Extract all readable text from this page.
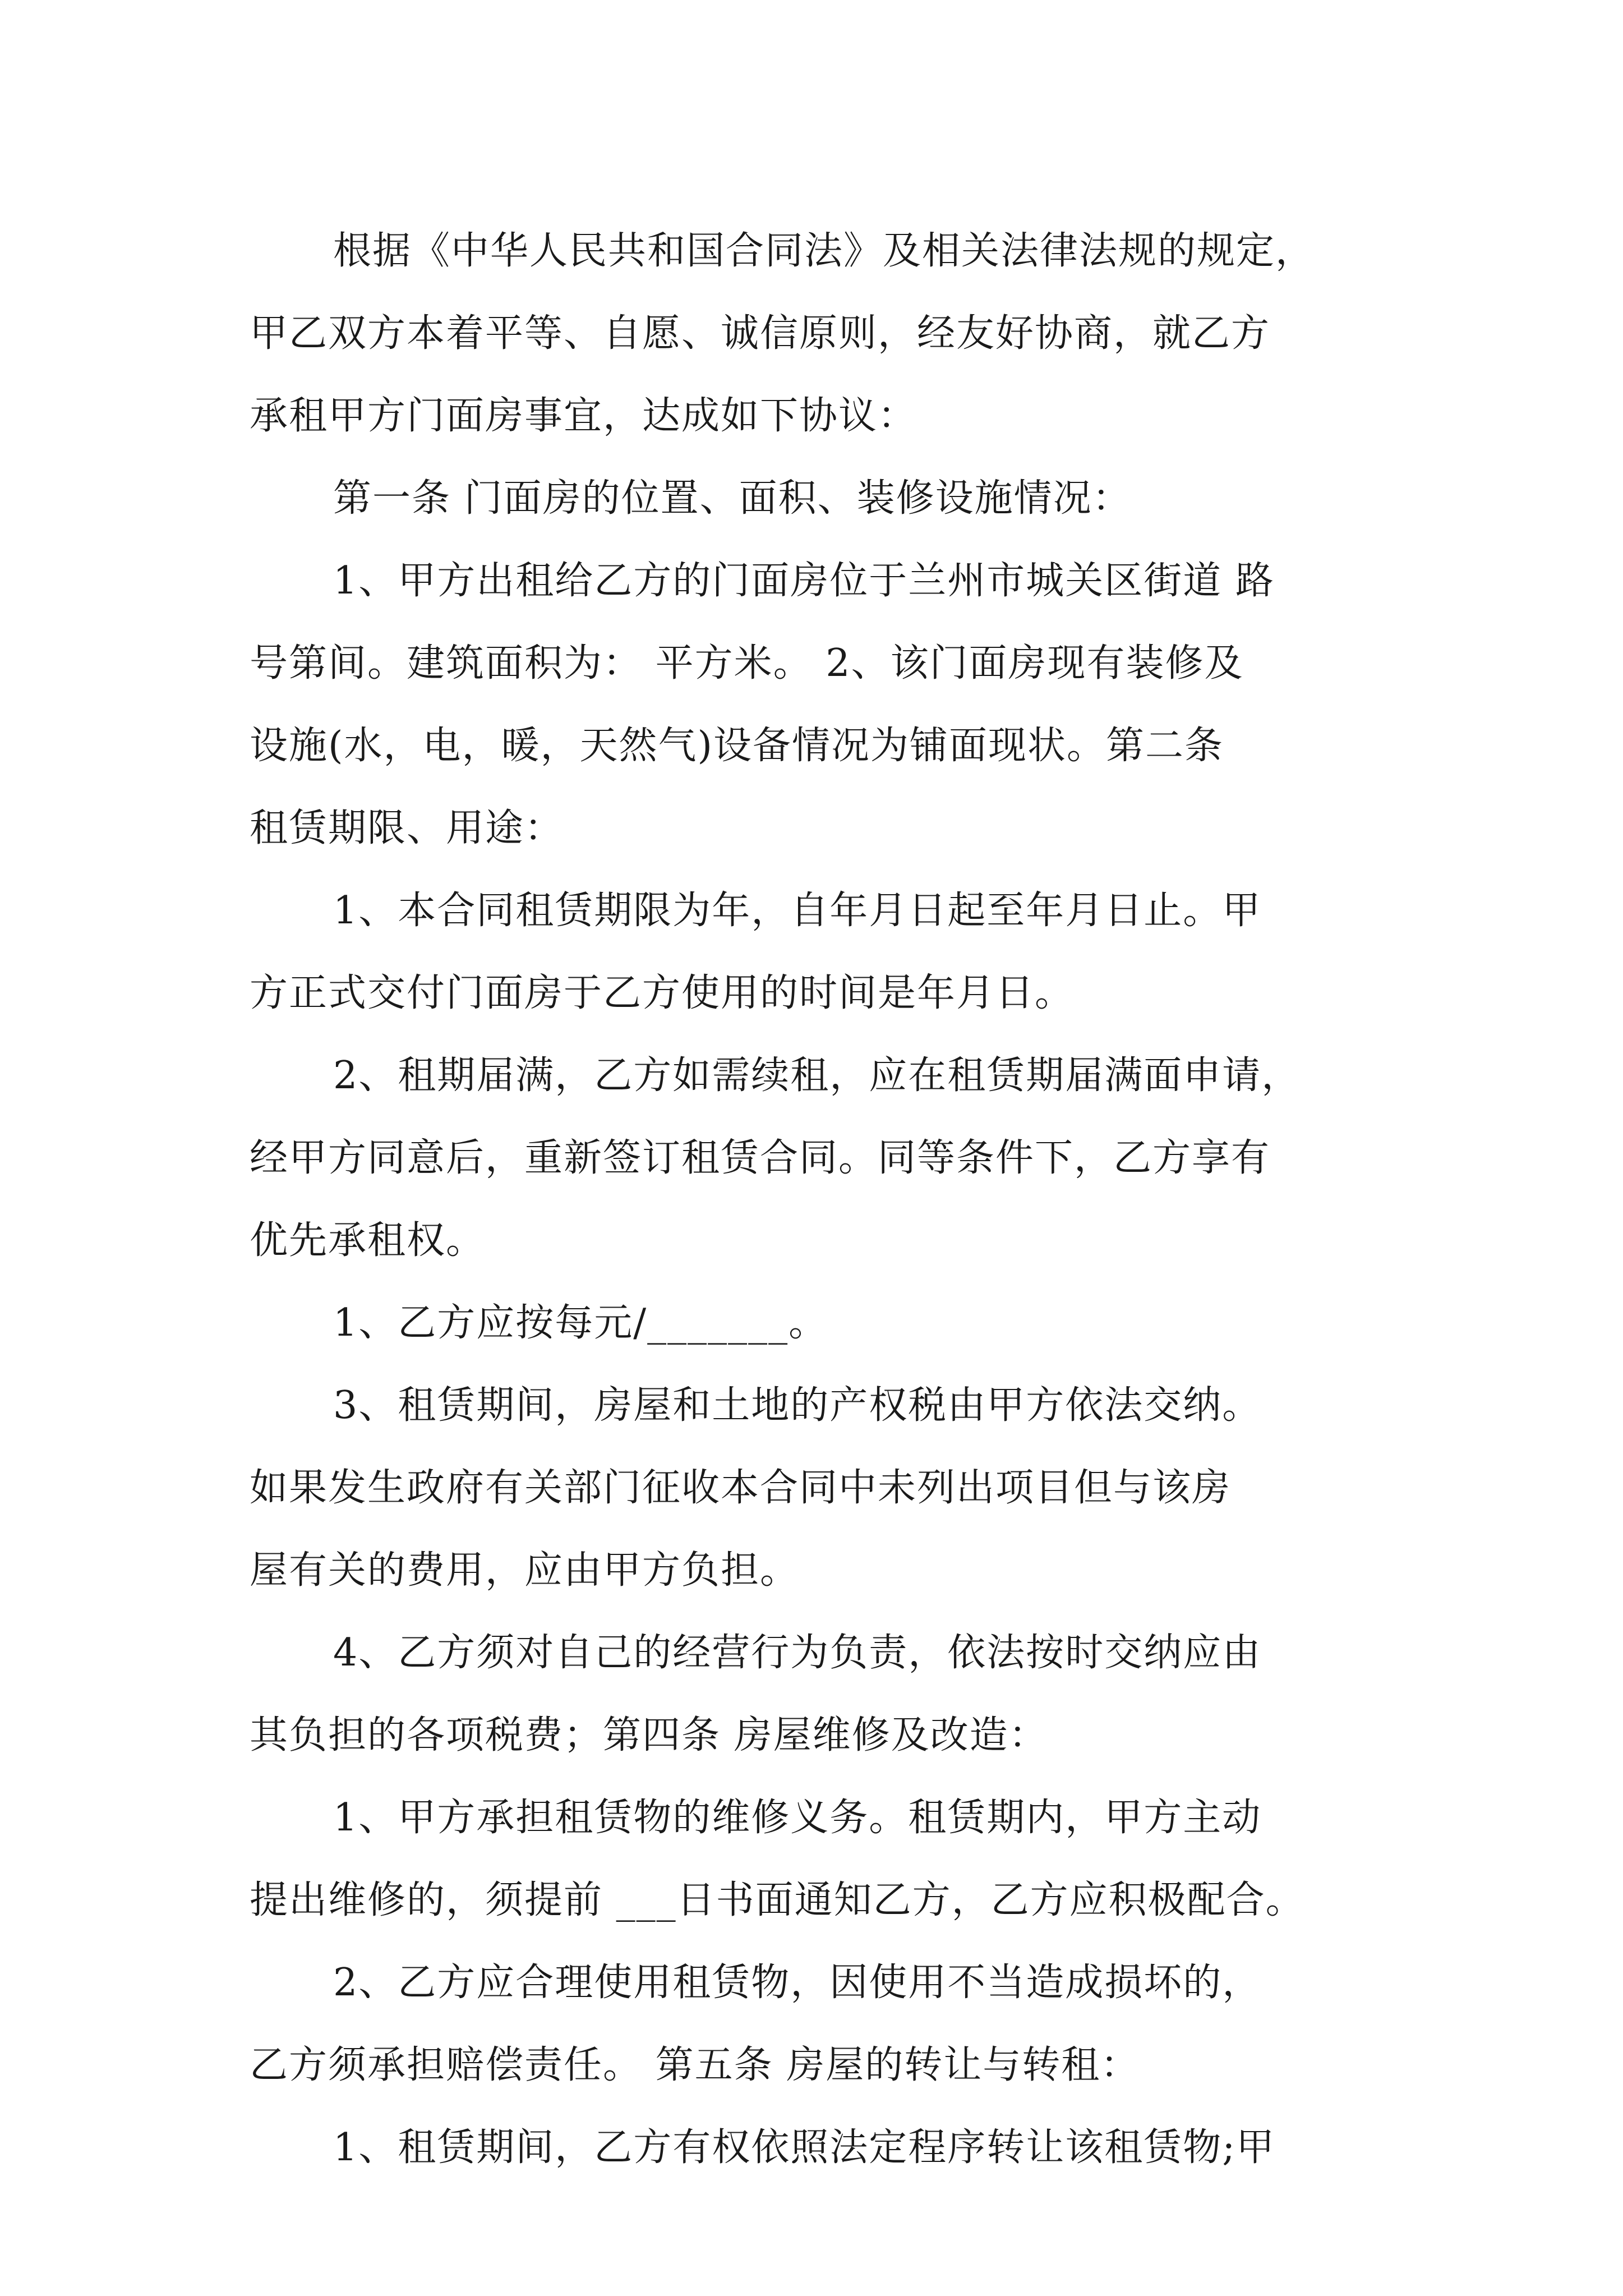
根据《中华人民共和国合同法》及相关法律法规的规定，
甲乙双方本着平等、自愿、诚信原则，经友好协商，就乙方
承租甲方门面房事宜，达成如下协议：
第一条 门面房的位置、面积、装修设施情况：
1、甲方出租给乙方的门面房位于兰州市城关区街道 路
号第间。建筑面积为： 平方米。 2、该门面房现有装修及
设施(水，电，暖，天然气)设备情况为铺面现状。第二条
租赁期限、用途：
1、本合同租赁期限为年，自年月日起至年月日止。甲
方正式交付门面房于乙方使用的时间是年月日。
2、租期届满，乙方如需续租，应在租赁期届满面申请，
经甲方同意后，重新签订租赁合同。同等条件下，乙方享有
优先承租权。
1、乙方应按每元/_______。
3、租赁期间，房屋和土地的产权税由甲方依法交纳。
如果发生政府有关部门征收本合同中未列出项目但与该房
屋有关的费用，应由甲方负担。
4、乙方须对自己的经营行为负责，依法按时交纳应由
其负担的各项税费；第四条 房屋维修及改造：
1、甲方承担租赁物的维修义务。租赁期内，甲方主动
提出维修的，须提前 ___日书面通知乙方，乙方应积极配合。
2、乙方应合理使用租赁物，因使用不当造成损坏的，
乙方须承担赔偿责任。 第五条 房屋的转让与转租：
1、租赁期间，乙方有权依照法定程序转让该租赁物;甲
